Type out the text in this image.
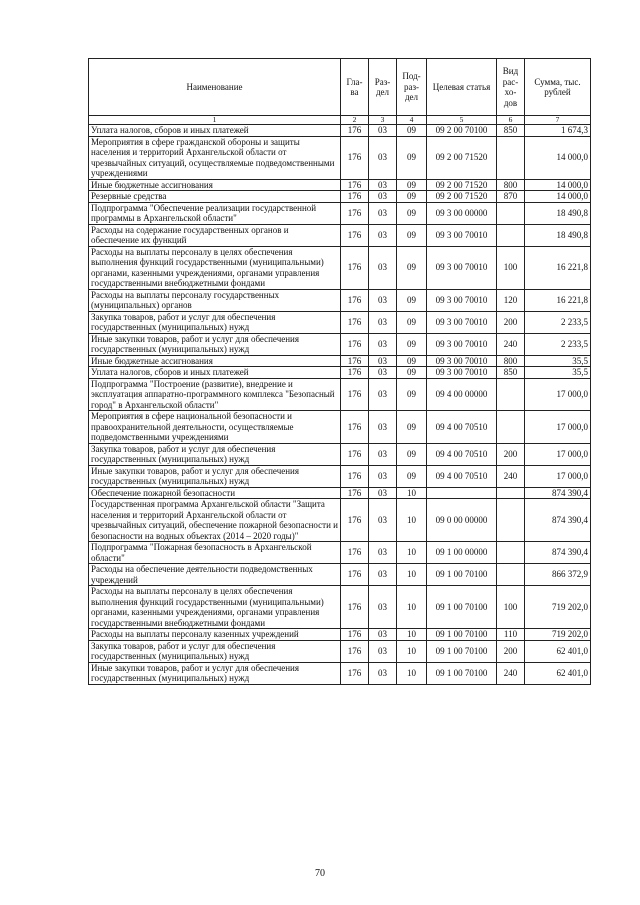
Наименование	Гла-ва	Раз-дел	Под-раз-дел	Целевая статья	Вид рас-хо-дов	Сумма, тыс. рублей
1	2	3	4	5	6	7
Уплата налогов, сборов и иных платежей	176	03	09	09 2 00 70100	850	1 674,3
Мероприятия в сфере гражданской обороны и защиты населения и территорий Архангельской области от чрезвычайных ситуаций, осуществляемые подведомственными учреждениями	176	03	09	09 2 00 71520		14 000,0
Иные бюджетные ассигнования	176	03	09	09 2 00 71520	800	14 000,0
Резервные средства	176	03	09	09 2 00 71520	870	14 000,0
Подпрограмма "Обеспечение реализации государственной программы в Архангельской области"	176	03	09	09 3 00 00000		18 490,8
Расходы на содержание государственных органов и обеспечение их функций	176	03	09	09 3 00 70010		18 490,8
Расходы на выплаты персоналу в целях обеспечения выполнения функций государственными (муниципальными) органами, казенными учреждениями, органами управления государственными внебюджетными фондами	176	03	09	09 3 00 70010	100	16 221,8
Расходы на выплаты персоналу государственных (муниципальных) органов	176	03	09	09 3 00 70010	120	16 221,8
Закупка товаров, работ и услуг для обеспечения государственных (муниципальных) нужд	176	03	09	09 3 00 70010	200	2 233,5
Иные закупки товаров, работ и услуг для обеспечения государственных (муниципальных) нужд	176	03	09	09 3 00 70010	240	2 233,5
Иные бюджетные ассигнования	176	03	09	09 3 00 70010	800	35,5
Уплата налогов, сборов и иных платежей	176	03	09	09 3 00 70010	850	35,5
Подпрограмма "Построение (развитие), внедрение и эксплуатация аппаратно-программного комплекса "Безопасный город" в Архангельской области"	176	03	09	09 4 00 00000		17 000,0
Мероприятия в сфере национальной безопасности и правоохранительной деятельности, осуществляемые подведомственными учреждениями	176	03	09	09 4 00 70510		17 000,0
Закупка товаров, работ и услуг для обеспечения государственных (муниципальных) нужд	176	03	09	09 4 00 70510	200	17 000,0
Иные закупки товаров, работ и услуг для обеспечения государственных (муниципальных) нужд	176	03	09	09 4 00 70510	240	17 000,0
Обеспечение пожарной безопасности	176	03	10			874 390,4
Государственная программа Архангельской области "Защита населения и территорий Архангельской области от чрезвычайных ситуаций, обеспечение пожарной безопасности и безопасности на водных объектах (2014 – 2020 годы)"	176	03	10	09 0 00 00000		874 390,4
Подпрограмма "Пожарная безопасность в Архангельской области"	176	03	10	09 1 00 00000		874 390,4
Расходы на обеспечение деятельности подведомственных учреждений	176	03	10	09 1 00 70100		866 372,9
Расходы на выплаты персоналу в целях обеспечения выполнения функций государственными (муниципальными) органами, казенными учреждениями, органами управления государственными внебюджетными фондами	176	03	10	09 1 00 70100	100	719 202,0
Расходы на выплаты персоналу казенных учреждений	176	03	10	09 1 00 70100	110	719 202,0
Закупка товаров, работ и услуг для обеспечения государственных (муниципальных) нужд	176	03	10	09 1 00 70100	200	62 401,0
Иные закупки товаров, работ и услуг для обеспечения государственных (муниципальных) нужд	176	03	10	09 1 00 70100	240	62 401,0
70
